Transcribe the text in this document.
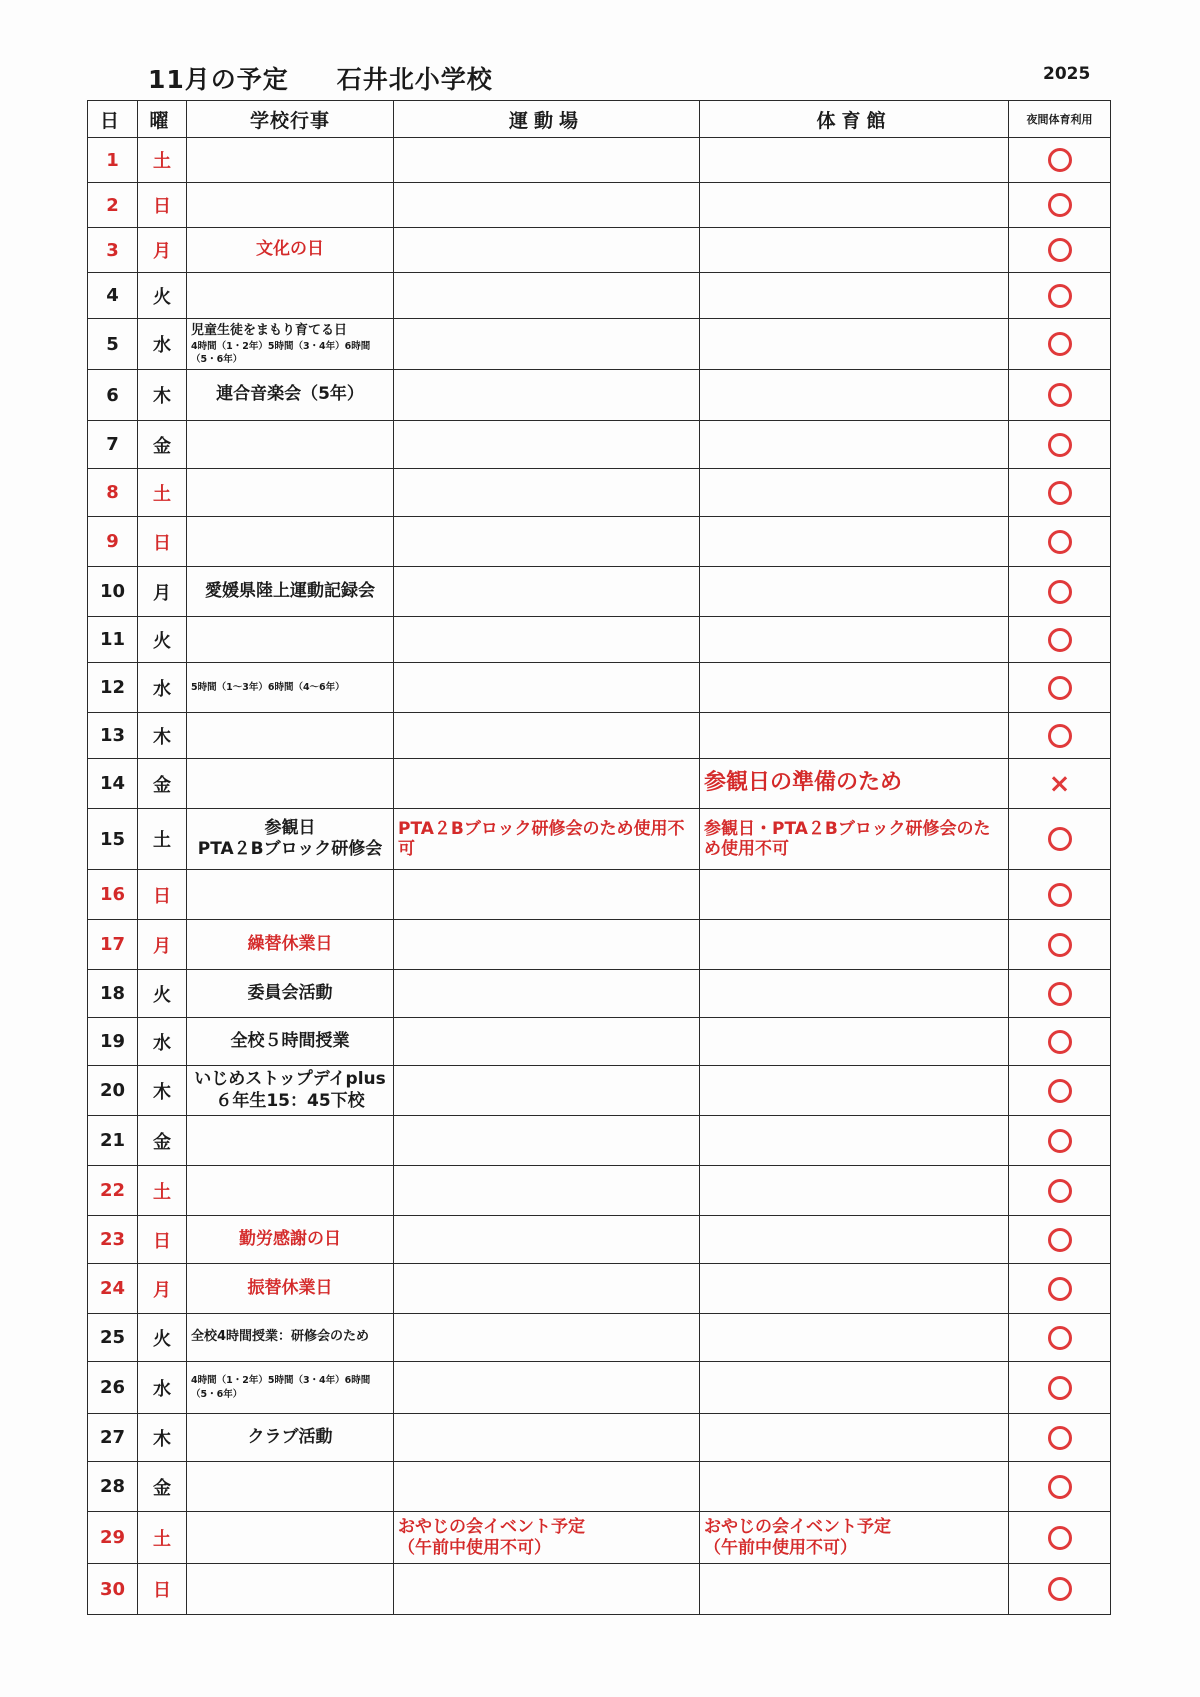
11月の予定 石井北小学校	2025
日	曜	学校行事	運動場	体育館	夜間体育利用
1	土				
2	日				
3	月	文化の日			
4	火				
5	水	児童生徒をまもり育てる日
4時間（1・2年）5時間（3・4年）6時間（5・6年）			

6	木	連合音楽会（5年）			
7	金				
8	土				
9	日				
10	月	愛媛県陸上運動記録会			
11	火				
12	水	5時間（1～3年）6時間（4～6年）			

13	木				
14	金			参観日の準備のため	×
15	土	参観日
PTA２Bブロック研修会	PTA２Bブロック研修会のため使用不可	参観日・PTA２Bブロック研修会のため使用不可	
16	日				
17	月	繰替休業日			
18	火	委員会活動			
19	水	全校５時間授業			
20	木	いじめストップデイplus
６年生15：45下校			
21	金				
22	土				
23	日	勤労感謝の日			
24	月	振替休業日			
25	火	全校4時間授業：研修会のため			
26	水	4時間（1・2年）5時間（3・4年）6時間（5・6年）			

27	木	クラブ活動			
28	金				
29	土		おやじの会イベント予定
（午前中使用不可）	おやじの会イベント予定
（午前中使用不可）	
30	日				
